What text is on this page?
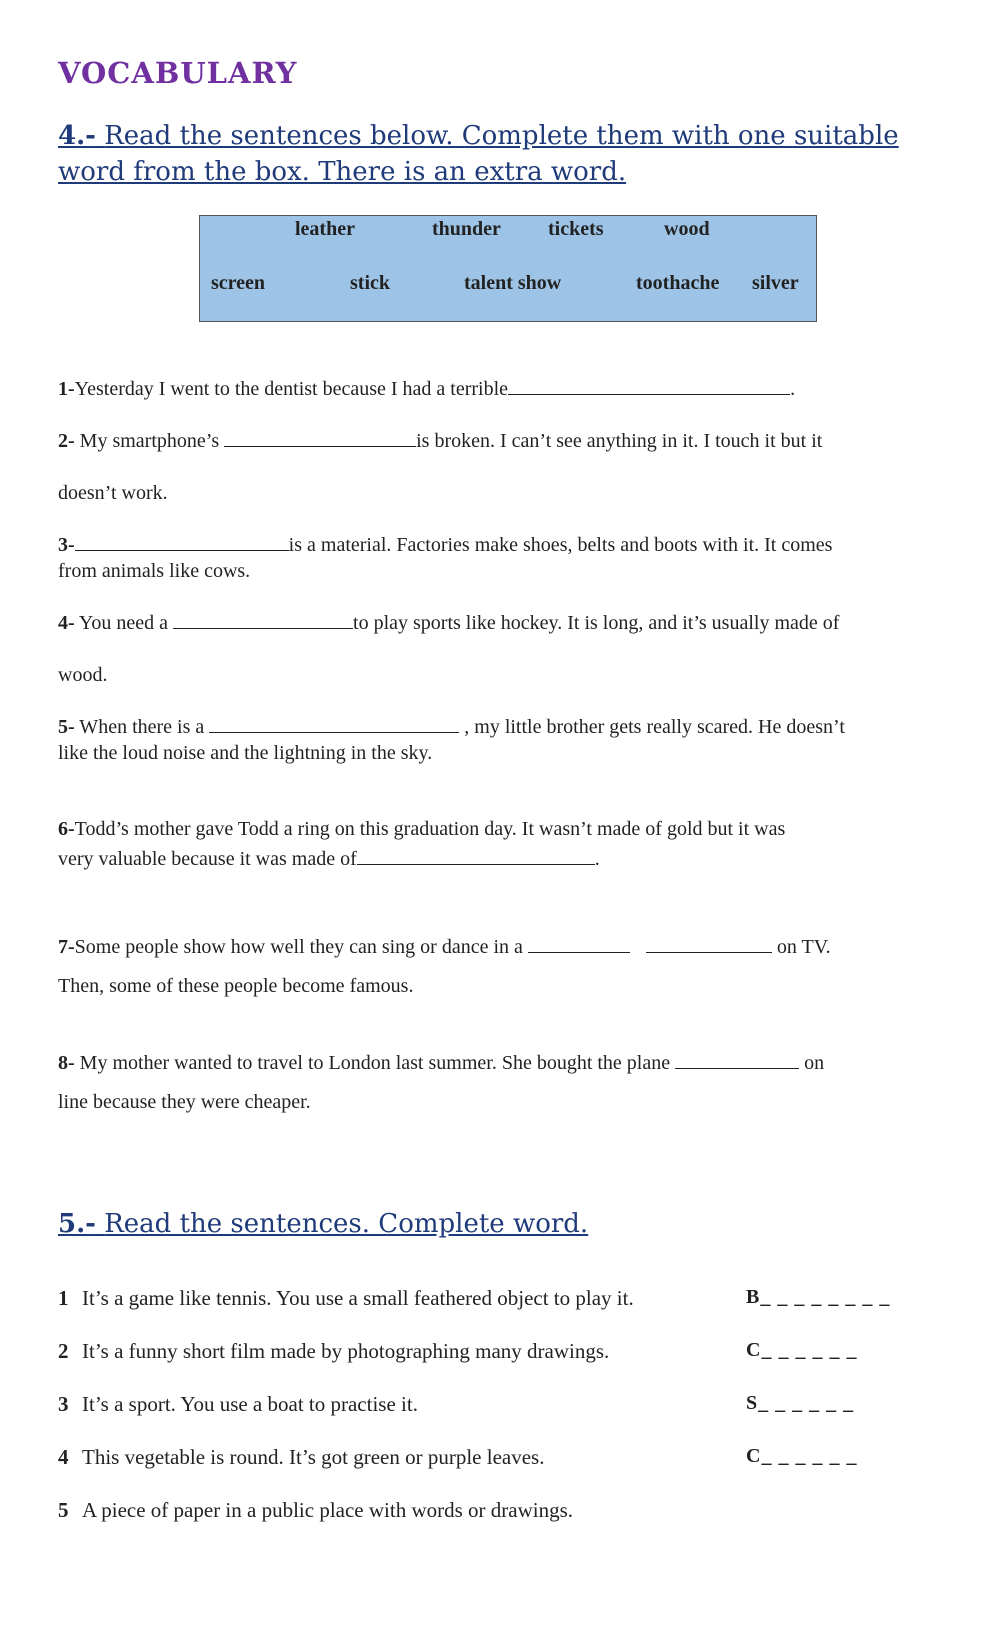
VOCABULARY
4.- Read the sentences below. Complete them with one suitable word from the box. There is an extra word.
leather	thunder tickets	wood
screen	stick	talent show	toothache silver
1-Yesterday I went to the dentist because I had a terrible	.
2- My smartphone’s	is broken. I can’t see anything in it. I touch it but it
doesn’t work.
3-	is a material. Factories make shoes, belts and boots with it. It comes
from animals like cows.
4- You need a	to play sports like hockey. It is long, and it’s usually made of
wood.
5- When there is a	, my little brother gets really scared. He doesn’t
like the loud noise and the lightning in the sky.
6-Todd’s mother gave Todd a ring on this graduation day. It wasn’t made of gold but it was
very valuable because it was made of	.
7-Some people show how well they can sing or dance in a	on TV.
Then, some of these people become famous.
8- My mother wanted to travel to London last summer. She bought the plane	on
line because they were cheaper.
5.- Read the sentences. Complete word.
1 It’s a game like tennis. You use a small feathered object to play it.	B_ _ _ _ _ _ _ _
2 It’s a funny short film made by photographing many drawings.	C_ _ _ _ _ _
3 It’s a sport. You use a boat to practise it.	S_ _ _ _ _ _
4 This vegetable is round. It’s got green or purple leaves.	C_ _ _ _ _ _
5 A piece of paper in a public place with words or drawings.
